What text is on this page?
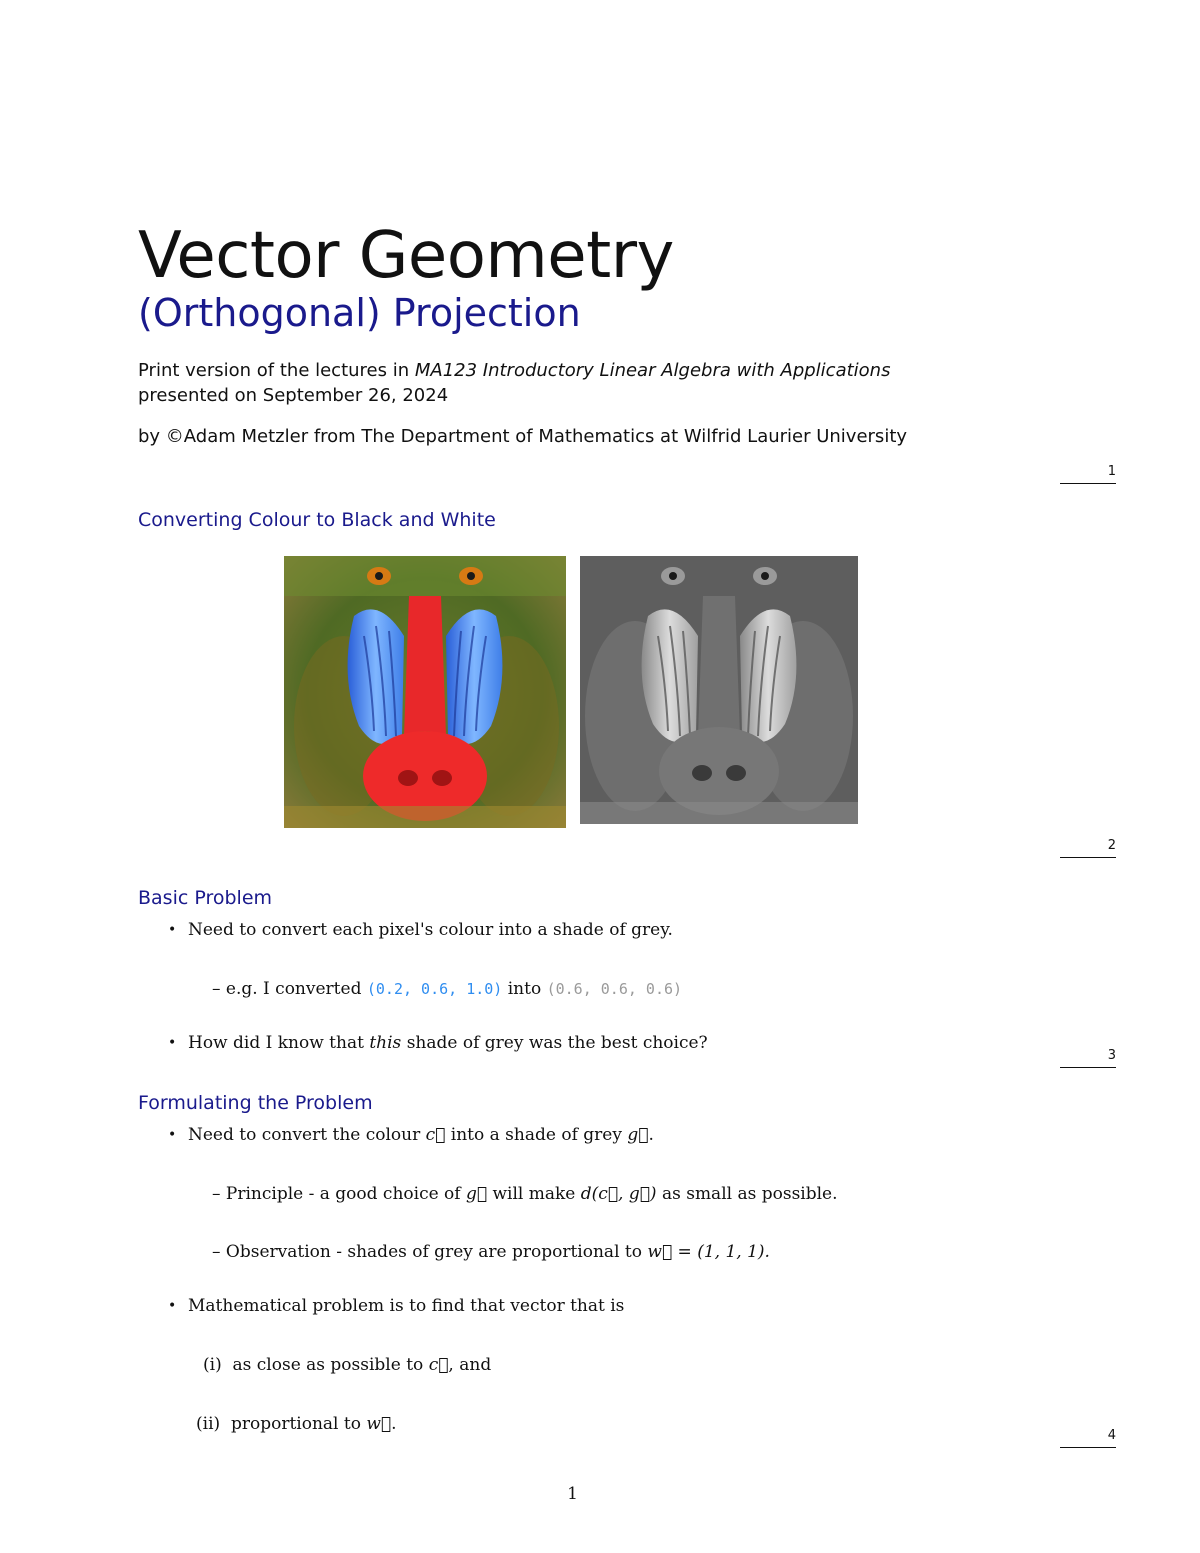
Vector Geometry
(Orthogonal) Projection
Print version of the lectures in MA123 Introductory Linear Algebra with Applications
presented on September 26, 2024
by ©Adam Metzler from The Department of Mathematics at Wilfrid Laurier University
1
Converting Colour to Black and White
2
Basic Problem
• Need to convert each pixel's colour into a shade of grey.
– e.g. I converted (0.2, 0.6, 1.0) into (0.6, 0.6, 0.6)
• How did I know that this shade of grey was the best choice?
3
Formulating the Problem
• Need to convert the colour c⃗ into a shade of grey g⃗.
– Principle - a good choice of g⃗ will make d(c⃗, g⃗) as small as possible.
– Observation - shades of grey are proportional to w⃗ = (1, 1, 1).
• Mathematical problem is to find that vector that is
(i) as close as possible to c⃗, and
(ii) proportional to w⃗.
4
1
